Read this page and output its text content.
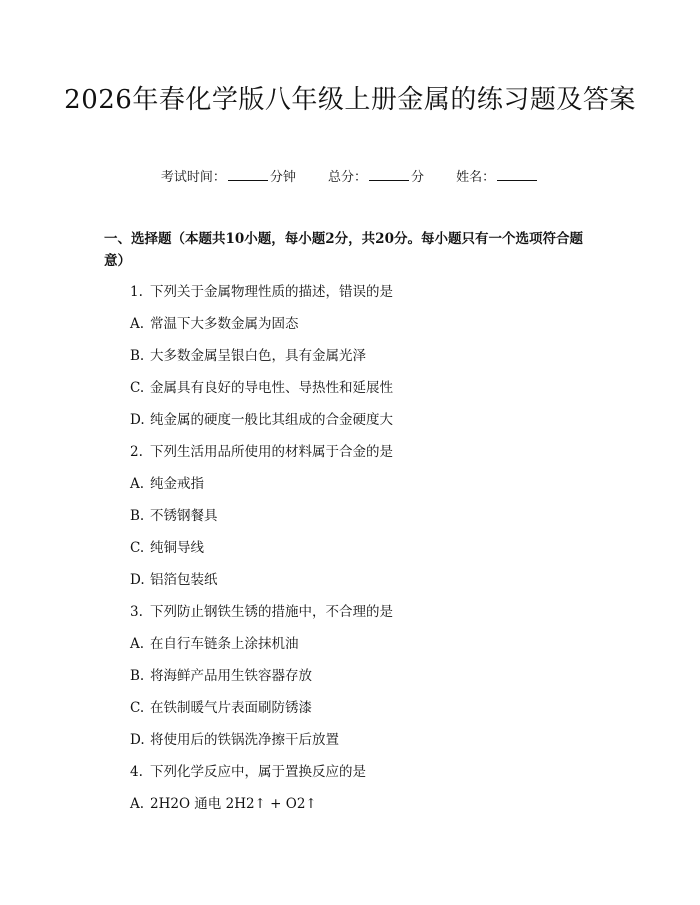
2026年春化学版八年级上册金属的练习题及答案
考试时间：	分钟 总分：	分 姓名：
一、选择题（本题共10小题，每小题2分，共20分。每小题只有一个选项符合题意）
1. 下列关于金属物理性质的描述，错误的是
A. 常温下大多数金属为固态
B. 大多数金属呈银白色，具有金属光泽
C. 金属具有良好的导电性、导热性和延展性
D. 纯金属的硬度一般比其组成的合金硬度大
2. 下列生活用品所使用的材料属于合金的是
A. 纯金戒指
B. 不锈钢餐具
C. 纯铜导线
D. 铝箔包装纸
3. 下列防止钢铁生锈的措施中，不合理的是
A. 在自行车链条上涂抹机油
B. 将海鲜产品用生铁容器存放
C. 在铁制暖气片表面刷防锈漆
D. 将使用后的铁锅洗净擦干后放置
4. 下列化学反应中，属于置换反应的是
A. 2H2O 通电 2H2↑ + O2↑
